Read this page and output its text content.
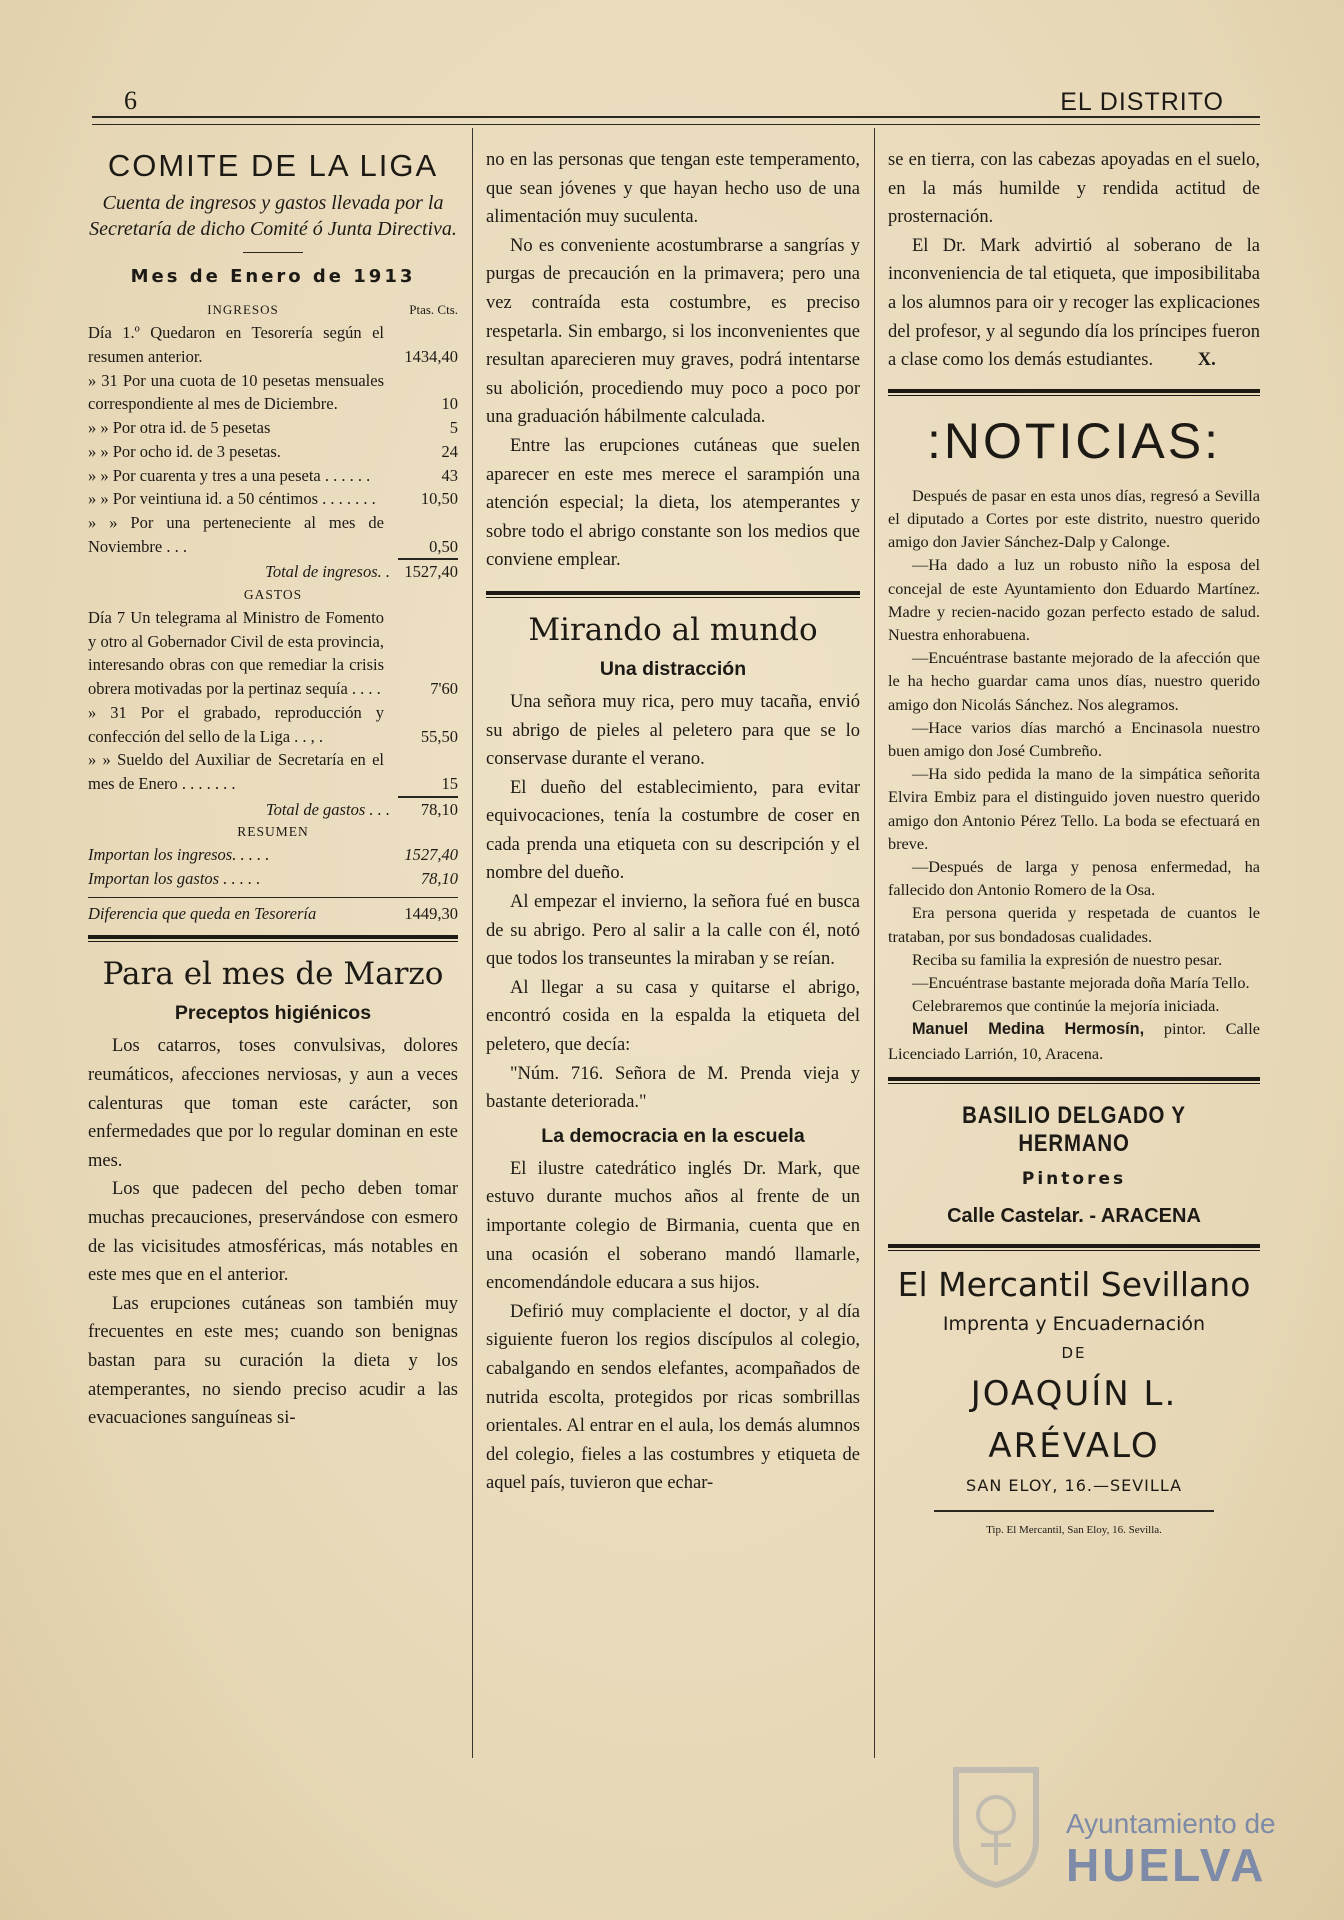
6	EL DISTRITO
COMITE DE LA LIGA
Cuenta de ingresos y gastos llevada por la Secretaría de dicho Comité ó Junta Directiva.
Mes de Enero de 1913
INGRESOS	Ptas. Cts.
Día 1.º Quedaron en Tesorería según el resumen anterior.	1434,40
» 31 Por una cuota de 10 pesetas mensuales correspondiente al mes de Diciembre.	10
» » Por otra id. de 5 pesetas	5
» » Por ocho id. de 3 pesetas.	24
» » Por cuarenta y tres a una peseta . . . . . .	43
» » Por veintiuna id. a 50 céntimos . . . . . . .	10,50
» » Por una perteneciente al mes de Noviembre . . .	0,50
Total de ingresos. . 1527,40
GASTOS
Día 7 Un telegrama al Ministro de Fomento y otro al Gobernador Civil de esta provincia, interesando obras con que remediar la crisis obrera motivadas por la pertinaz sequía . . . .	7'60
» 31 Por el grabado, reproducción y confección del sello de la Liga . . , .	55,50
» » Sueldo del Auxiliar de Secretaría en el mes de Enero . . . . . . .	15
Total de gastos . . .	78,10
RESUMEN
Importan los ingresos. . . . .	1527,40
Importan los gastos . . . . .	78,10
Diferencia que queda en Tesorería	1449,30
Para el mes de Marzo
Preceptos higiénicos

Los catarros, toses convulsivas, dolores reumáticos, afecciones nerviosas, y aun a veces calenturas que toman este carácter, son enfermedades que por lo regular dominan en este mes.

Los que padecen del pecho deben tomar muchas precauciones, preservándose con esmero de las vicisitudes atmosféricas, más notables en este mes que en el anterior.

Las erupciones cutáneas son también muy frecuentes en este mes; cuando son benignas bastan para su curación la dieta y los atemperantes, no siendo preciso acudir a las evacuaciones sanguíneas si-

no en las personas que tengan este temperamento, que sean jóvenes y que hayan hecho uso de una alimentación muy suculenta.

No es conveniente acostumbrarse a sangrías y purgas de precaución en la primavera; pero una vez contraída esta costumbre, es preciso respetarla. Sin embargo, si los inconvenientes que resultan aparecieren muy graves, podrá intentarse su abolición, procediendo muy poco a poco por una graduación hábilmente calculada.

Entre las erupciones cutáneas que suelen aparecer en este mes merece el sarampión una atención especial; la dieta, los atemperantes y sobre todo el abrigo constante son los medios que conviene emplear.

Mirando al mundo
Una distracción

Una señora muy rica, pero muy tacaña, envió su abrigo de pieles al peletero para que se lo conservase durante el verano.

El dueño del establecimiento, para evitar equivocaciones, tenía la costumbre de coser en cada prenda una etiqueta con su descripción y el nombre del dueño.

Al empezar el invierno, la señora fué en busca de su abrigo. Pero al salir a la calle con él, notó que todos los transeuntes la miraban y se reían.

Al llegar a su casa y quitarse el abrigo, encontró cosida en la espalda la etiqueta del peletero, que decía:

"Núm. 716. Señora de M. Prenda vieja y bastante deteriorada."

La democracia en la escuela

El ilustre catedrático inglés Dr. Mark, que estuvo durante muchos años al frente de un importante colegio de Birmania, cuenta que en una ocasión el soberano mandó llamarle, encomendándole educara a sus hijos.

Defirió muy complaciente el doctor, y al día siguiente fueron los regios discípulos al colegio, cabalgando en sendos elefantes, acompañados de nutrida escolta, protegidos por ricas sombrillas orientales. Al entrar en el aula, los demás alumnos del colegio, fieles a las costumbres y etiqueta de aquel país, tuvieron que echar-

se en tierra, con las cabezas apoyadas en el suelo, en la más humilde y rendida actitud de prosternación.

El Dr. Mark advirtió al soberano de la inconveniencia de tal etiqueta, que imposibilitaba a los alumnos para oir y recoger las explicaciones del profesor, y al segundo día los príncipes fueron a clase como los demás estudiantes. X.

:NOTICIAS:

Después de pasar en esta unos días, regresó a Sevilla el diputado a Cortes por este distrito, nuestro querido amigo don Javier Sánchez-Dalp y Calonge.

—Ha dado a luz un robusto niño la esposa del concejal de este Ayuntamiento don Eduardo Martínez. Madre y recien-nacido gozan perfecto estado de salud. Nuestra enhorabuena.

—Encuéntrase bastante mejorado de la afección que le ha hecho guardar cama unos días, nuestro querido amigo don Nicolás Sánchez. Nos alegramos.

—Hace varios días marchó a Encinasola nuestro buen amigo don José Cumbreño.

—Ha sido pedida la mano de la simpática señorita Elvira Embiz para el distinguido joven nuestro querido amigo don Antonio Pérez Tello. La boda se efectuará en breve.

—Después de larga y penosa enfermedad, ha fallecido don Antonio Romero de la Osa.

Era persona querida y respetada de cuantos le trataban, por sus bondadosas cualidades.

Reciba su familia la expresión de nuestro pesar.

—Encuéntrase bastante mejorada doña María Tello.

Celebraremos que continúe la mejoría iniciada.

Manuel Medina Hermosín, pintor. Calle Licenciado Larrión, 10, Aracena.

BASILIO DELGADO Y HERMANO
Pintores
Calle Castelar. - ARACENA
El Mercantil Sevillano
Imprenta y Encuadernación
DE
JOAQUÍN L. ARÉVALO
SAN ELOY, 16.—SEVILLA
Tip. El Mercantil, San Eloy, 16. Sevilla.
Ayuntamiento de
HUELVA
